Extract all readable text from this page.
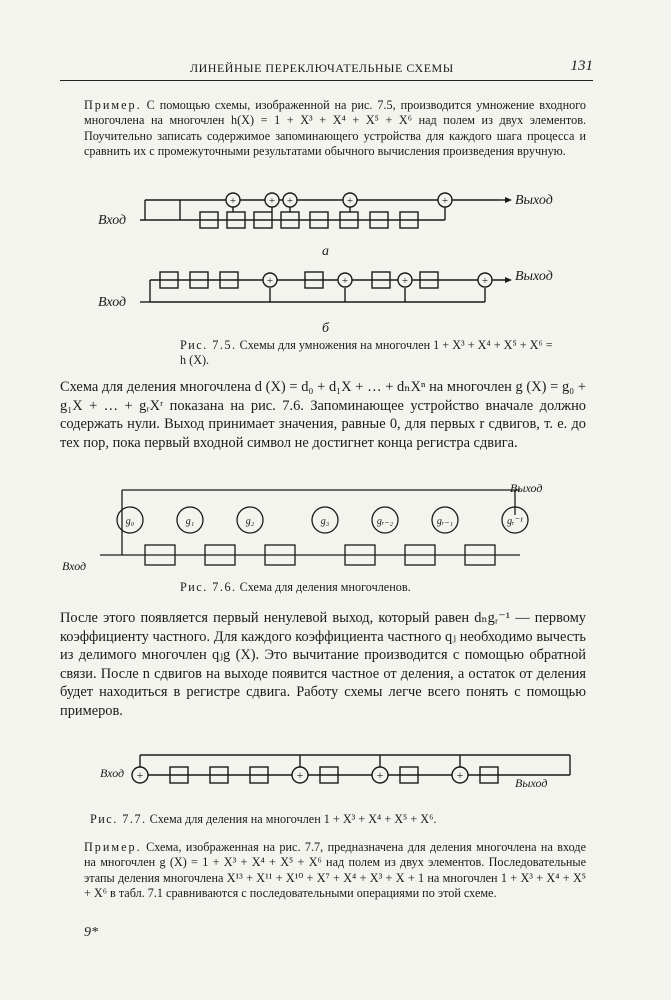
ЛИНЕЙНЫЕ ПЕРЕКЛЮЧАТЕЛЬНЫЕ СХЕМЫ	131

Пример. С помощью схемы, изображенной на рис. 7.5, производится умножение входного многочлена на многочлен h(X) = 1 + X³ + X⁴ + X⁵ + X⁶ над полем из двух элементов. Поучительно записать содержимое запоминающего устройства для каждого шага процесса и сравнить их с промежуточными результатами обычного вычисления произведения вручную.

+	+ +	+	+
+	+	+	+
Вход
Выход
Вход
Выход
а
б

Рис. 7.5. Схемы для умножения на многочлен 1 + X³ + X⁴ + X⁵ + X⁶ = h (X).

Схема для деления многочлена d (X) = d₀ + d₁X + … + dₙXⁿ на многочлен g (X) = g₀ + g₁X + … + gᵣXʳ показана на рис. 7.6. Запоминающее устройство вначале должно содержать нули. Выход принимает значения, равные 0, для первых r сдвигов, т. е. до тех пор, пока первый входной символ не достигнет конца регистра сдвига.

g₀	g₁	g₂	g₃	gᵣ₋₂	gᵣ₋₁	gᵣ⁻¹
Вход
Выход

Рис. 7.6. Схема для деления многочленов.

После этого появляется первый ненулевой выход, который равен dₙgᵣ⁻¹ — первому коэффициенту частного. Для каждого коэффициента частного qⱼ необходимо вычесть из делимого многочлен qⱼg (X). Это вычитание производится с помощью обратной связи. После n сдвигов на выходе появится частное от деления, а остаток от деления будет находиться в регистре сдвига. Работу схемы легче всего понять с помощью примеров.

+	+	+	+
Вход
Выход

Рис. 7.7. Схема для деления на многочлен 1 + X³ + X⁴ + X⁵ + X⁶.

Пример. Схема, изображенная на рис. 7.7, предназначена для деления многочлена на входе на многочлен g (X) = 1 + X³ + X⁴ + X⁵ + X⁶ над полем из двух элементов. Последовательные этапы деления многочлена X¹³ + X¹¹ + X¹⁰ + X⁷ + X⁴ + X³ + X + 1 на многочлен 1 + X³ + X⁴ + X⁵ + X⁶ в табл. 7.1 сравниваются с последовательными операциями по этой схеме.

9*
